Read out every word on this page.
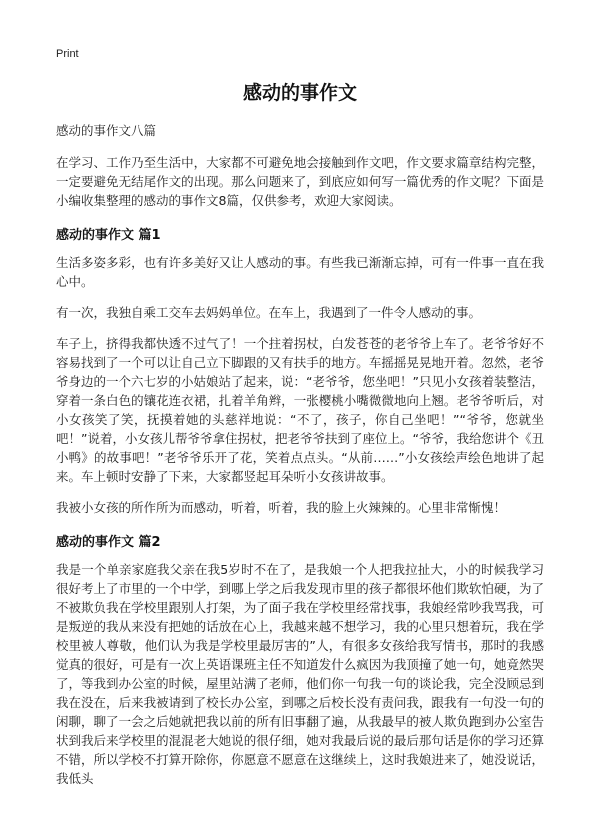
Print
感动的事作文
感动的事作文八篇

在学习、工作乃至生活中，大家都不可避免地会接触到作文吧，作文要求篇章结构完整，一定要避免无结尾作文的出现。那么问题来了，到底应如何写一篇优秀的作文呢？下面是小编收集整理的感动的事作文8篇，仅供参考，欢迎大家阅读。

感动的事作文 篇1

生活多姿多彩，也有许多美好又让人感动的事。有些我已渐渐忘掉，可有一件事一直在我心中。

有一次，我独自乘工交车去妈妈单位。在车上，我遇到了一件令人感动的事。

车子上，挤得我都快透不过气了！一个拄着拐杖，白发苍苍的老爷爷上车了。老爷爷好不容易找到了一个可以让自己立下脚跟的又有扶手的地方。车摇摇晃晃地开着。忽然，老爷爷身边的一个六七岁的小姑娘站了起来，说：“老爷爷，您坐吧！”只见小女孩着装整洁，穿着一条白色的镶花连衣裙，扎着羊角辫，一张樱桃小嘴微微地向上翘。老爷爷听后，对小女孩笑了笑，抚摸着她的头慈祥地说：“不了，孩子，你自己坐吧！”“爷爷，您就坐吧！”说着，小女孩儿帮爷爷拿住拐杖，把老爷爷扶到了座位上。“爷爷，我给您讲个《丑小鸭》的故事吧！”老爷爷乐开了花，笑着点点头。“从前……”小女孩绘声绘色地讲了起来。车上顿时安静了下来，大家都竖起耳朵听小女孩讲故事。

我被小女孩的所作所为而感动，听着，听着，我的脸上火辣辣的。心里非常惭愧！

感动的事作文 篇2

我是一个单亲家庭我父亲在我5岁时不在了，是我娘一个人把我拉扯大，小的时候我学习很好考上了市里的一个中学，到哪上学之后我发现市里的孩子都很坏他们欺软怕硬，为了不被欺负我在学校里跟别人打架，为了面子我在学校里经常找事，我娘经常吵我骂我，可是叛逆的我从来没有把她的话放在心上，我越来越不想学习，我的心里只想着玩，我在学校里被人尊敬，他们认为我是学校里最厉害的”人，有很多女孩给我写情书，那时的我感觉真的很好，可是有一次上英语课班主任不知道发什么疯因为我顶撞了她一句，她竟然哭了，等我到办公室的时候，屋里站满了老师，他们你一句我一句的谈论我，完全没顾忌到我在没在，后来我被请到了校长办公室，到哪之后校长没有责问我，跟我有一句没一句的闲聊，聊了一会之后她就把我以前的所有旧事翻了遍，从我最早的被人欺负跑到办公室告状到我后来学校里的混混老大她说的很仔细，她对我最后说的最后那句话是你的学习还算不错，所以学校不打算开除你，你愿意不愿意在这继续上，这时我娘进来了，她没说话，我低头
